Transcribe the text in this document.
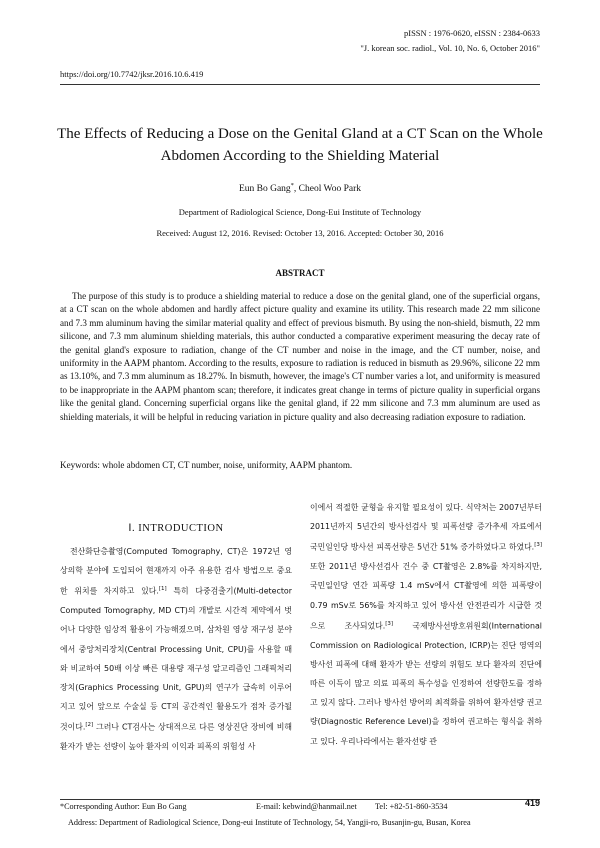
pISSN : 1976-0620, eISSN : 2384-0633
"J. korean soc. radiol., Vol. 10, No. 6, October 2016"
https://doi.org/10.7742/jksr.2016.10.6.419
The Effects of Reducing a Dose on the Genital Gland at a CT Scan on the Whole
Abdomen According to the Shielding Material
Eun Bo Gang*, Cheol Woo Park
Department of Radiological Science, Dong-Eui Institute of Technology
Received: August 12, 2016. Revised: October 13, 2016. Accepted: October 30, 2016
ABSTRACT

The purpose of this study is to produce a shielding material to reduce a dose on the genital gland, one of the superficial organs, at a CT scan on the whole abdomen and hardly affect picture quality and examine its utility. This research made 22 mm silicone and 7.3 mm aluminum having the similar material quality and effect of previous bismuth. By using the non-shield, bismuth, 22 mm silicone, and 7.3 mm aluminum shielding materials, this author conducted a comparative experiment measuring the decay rate of the genital gland's exposure to radiation, change of the CT number and noise in the image, and the CT number, noise, and uniformity in the AAPM phantom. According to the results, exposure to radiation is reduced in bismuth as 29.96%, silicone 22 mm as 13.10%, and 7.3 mm aluminum as 18.27%. In bismuth, however, the image's CT number varies a lot, and uniformity is measured to be inappropriate in the AAPM phantom scan; therefore, it indicates great change in terms of picture quality in superficial organs like the genital gland. Concerning superficial organs like the genital gland, if 22 mm silicone and 7.3 mm aluminum are used as shielding materials, it will be helpful in reducing variation in picture quality and also decreasing radiation exposure to radiation.

Keywords: whole abdomen CT, CT number, noise, uniformity, AAPM phantom.
Ⅰ. INTRODUCTION

전산화단층촬영(Computed Tomography, CT)은 1972년 영상의학 분야에 도입되어 현재까지 아주 유용한 검사 방법으로 중요한 위치를 차지하고 있다.[1] 특히 다중검출기(Multi-detector Computed Tomography, MD CT)의 개발로 시간적 제약에서 벗어나 다양한 임상적 활용이 가능해졌으며, 삼차원 영상 재구성 분야에서 중앙처리장치(Central Processing Unit, CPU)를 사용할 때와 비교하여 50배 이상 빠른 대용량 재구성 알고리즘인 그래픽처리장치(Graphics Processing Unit, GPU)의 연구가 급속히 이루어지고 있어 앞으로 수술실 등 CT의 공간적인 활용도가 점차 증가될 것이다.[2] 그러나 CT검사는 상대적으로 다른 영상진단 장비에 비해 환자가 받는 선량이 높아 환자의 이익과 피폭의 위험성 사

이에서 적절한 균형을 유지할 필요성이 있다. 식약처는 2007년부터 2011년까지 5년간의 방사선검사 및 피폭선량 증가추세 자료에서 국민일인당 방사선 피폭선량은 5년간 51% 증가하였다고 하였다.[3] 또한 2011년 방사선검사 건수 중 CT촬영은 2.8%를 차지하지만, 국민일인당 연간 피폭량 1.4 mSv에서 CT촬영에 의한 피폭량이 0.79 mSv로 56%를 차지하고 있어 방사선 안전관리가 시급한 것으로 조사되었다.[3] 국제방사선방호위원회(International Commission on Radiological Protection, ICRP)는 진단 영역의 방사선 피폭에 대해 환자가 받는 선량의 위험도 보다 환자의 진단에 따른 이득이 많고 의료 피폭의 특수성을 인정하여 선량한도를 정하고 있지 않다. 그러나 방사선 방어의 최적화를 위하여 환자선량 권고량(Diagnostic Reference Level)을 정하여 권고하는 형식을 취하고 있다. 우리나라에서는 환자선량 관

*Corresponding Author: Eun Bo Gang	E-mail: kebwind@hanmail.net Tel: +82-51-860-3534	419
Address: Department of Radiological Science, Dong-eui Institute of Technology, 54, Yangji-ro, Busanjin-gu, Busan, Korea
